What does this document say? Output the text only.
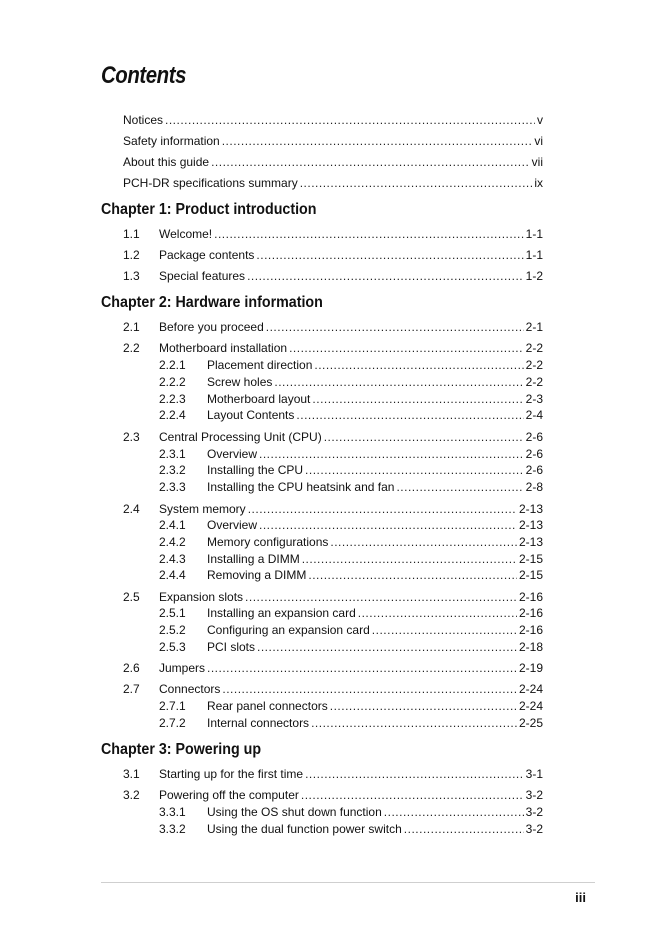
Contents
Notices .....	v
Safety information .....	vi
About this guide .....	vii
PCH-DR specifications summary .....	ix
Chapter 1: Product introduction
1.1	Welcome! .....	1-1
1.2	Package contents .....	1-1
1.3	Special features .....	1-2
Chapter 2: Hardware information
2.1	Before you proceed .....	2-1
2.2	Motherboard installation .....	2-2
2.2.1	Placement direction .....	2-2
2.2.2	Screw holes .....	2-2
2.2.3	Motherboard layout .....	2-3
2.2.4	Layout Contents .....	2-4
2.3	Central Processing Unit (CPU) .....	2-6
2.3.1	Overview .....	2-6
2.3.2	Installing the CPU .....	2-6
2.3.3	Installing the CPU heatsink and fan .....	2-8
2.4	System memory .....	2-13
2.4.1	Overview .....	2-13
2.4.2	Memory configurations .....	2-13
2.4.3	Installing a DIMM .....	2-15
2.4.4	Removing a DIMM .....	2-15
2.5	Expansion slots .....	2-16
2.5.1	Installing an expansion card .....	2-16
2.5.2	Configuring an expansion card .....	2-16
2.5.3	PCI slots .....	2-18
2.6	Jumpers .....	2-19
2.7	Connectors .....	2-24
2.7.1	Rear panel connectors .....	2-24
2.7.2	Internal connectors .....	2-25
Chapter 3: Powering up
3.1	Starting up for the first time .....	3-1
3.2	Powering off the computer .....	3-2
3.3.1	Using the OS shut down function .....	3-2
3.3.2	Using the dual function power switch .....	3-2
iii
